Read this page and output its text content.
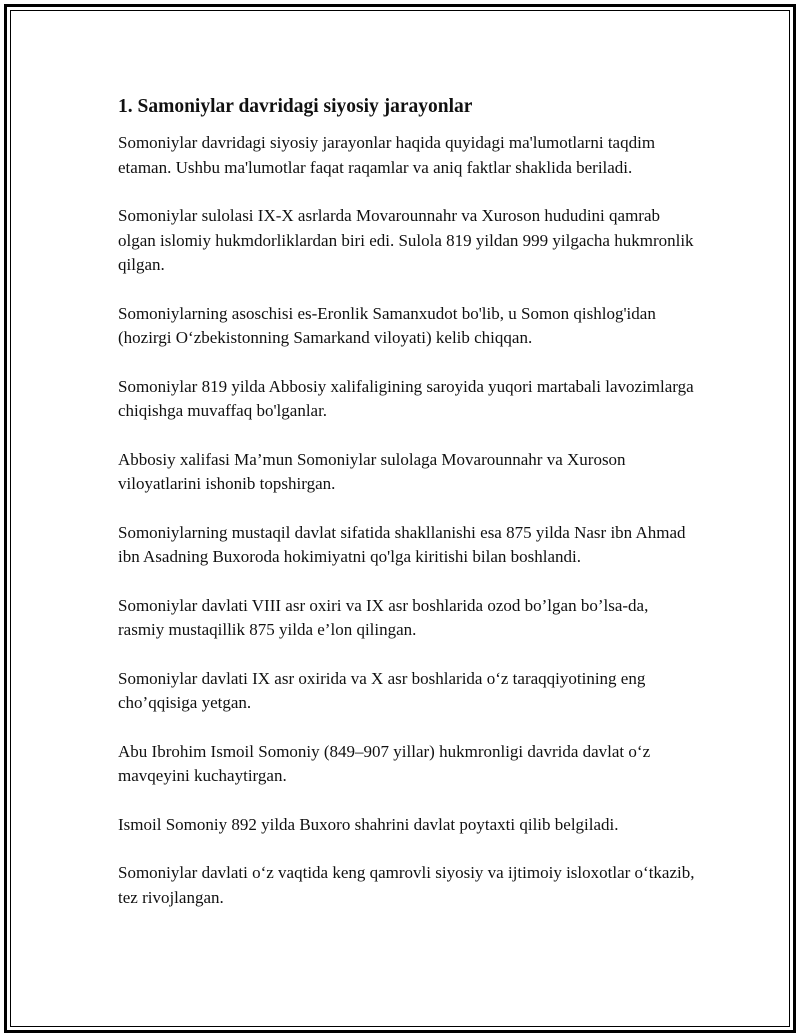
1. Samoniylar davridagi siyosiy jarayonlar

Somoniylar davridagi siyosiy jarayonlar haqida quyidagi ma'lumotlarni taqdim etaman. Ushbu ma'lumotlar faqat raqamlar va aniq faktlar shaklida beriladi.

Somoniylar sulolasi IX-X asrlarda Movarounnahr va Xuroson hududini qamrab olgan islomiy hukmdorliklardan biri edi. Sulola 819 yildan 999 yilgacha hukmronlik qilgan.

Somoniylarning asoschisi es-Eronlik Samanxudot bo'lib, u Somon qishlog'idan (hozirgi O‘zbekistonning Samarkand viloyati) kelib chiqqan.

Somoniylar 819 yilda Abbosiy xalifaligining saroyida yuqori martabali lavozimlarga chiqishga muvaffaq bo'lganlar.

Abbosiy xalifasi Ma’mun Somoniylar sulolaga Movarounnahr va Xuroson viloyatlarini ishonib topshirgan.

Somoniylarning mustaqil davlat sifatida shakllanishi esa 875 yilda Nasr ibn Ahmad ibn Asadning Buxoroda hokimiyatni qo'lga kiritishi bilan boshlandi.

Somoniylar davlati VIII asr oxiri va IX asr boshlarida ozod bo’lgan bo’lsa-da, rasmiy mustaqillik 875 yilda e’lon qilingan.

Somoniylar davlati IX asr oxirida va X asr boshlarida o‘z taraqqiyotining eng cho’qqisiga yetgan.

Abu Ibrohim Ismoil Somoniy (849–907 yillar) hukmronligi davrida davlat o‘z mavqeyini kuchaytirgan.

Ismoil Somoniy 892 yilda Buxoro shahrini davlat poytaxti qilib belgiladi.

Somoniylar davlati o‘z vaqtida keng qamrovli siyosiy va ijtimoiy isloxotlar o‘tkazib, tez rivojlangan.
